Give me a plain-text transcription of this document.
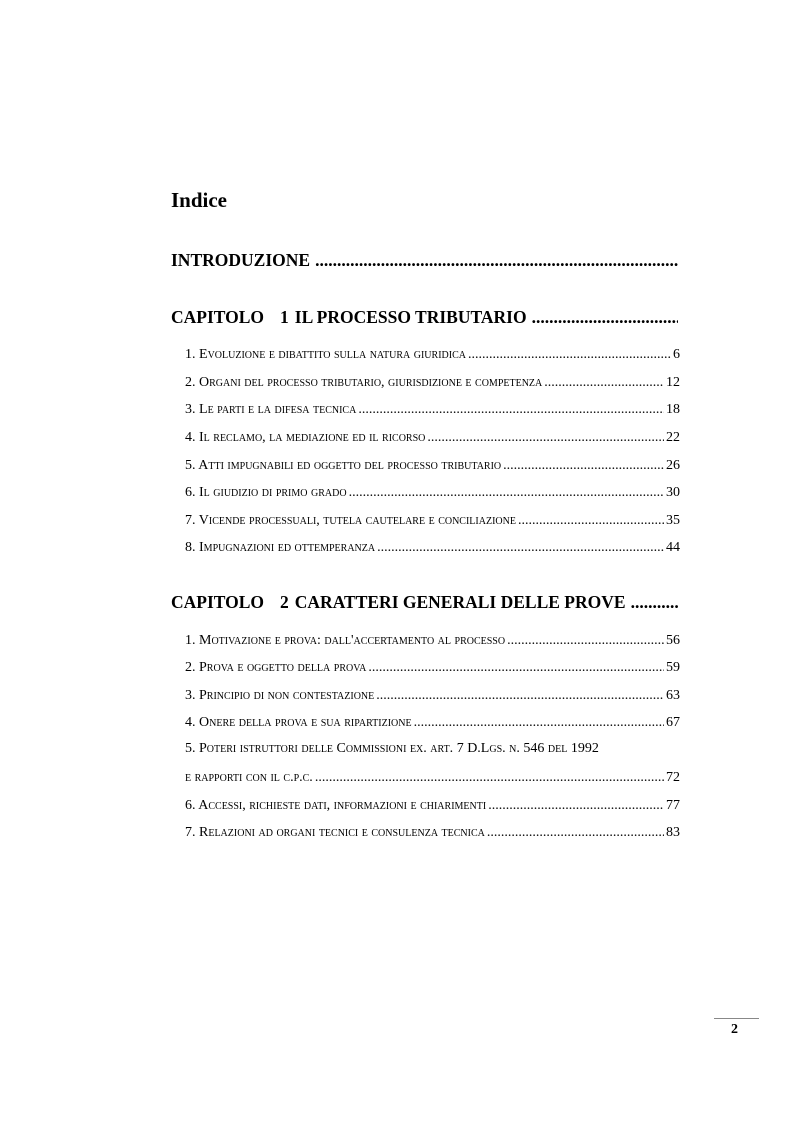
Indice
INTRODUZIONE
.....
CAPITOLO 1 IL PROCESSO TRIBUTARIO
.....
1. Evoluzione e dibattito sulla natura giuridica .....	6
2. Organi del processo tributario, giurisdizione e competenza .....	12
3. Le parti e la difesa tecnica .....	18
4. Il reclamo, la mediazione ed il ricorso .....	22
5. Atti impugnabili ed oggetto del processo tributario .....	26
6. Il giudizio di primo grado .....	30
7. Vicende processuali, tutela cautelare e conciliazione .....	35
8. Impugnazioni ed ottemperanza .....	44
CAPITOLO 2 CARATTERI GENERALI DELLE PROVE
.....
1. Motivazione e prova: dall'accertamento al processo .....	56
2. Prova e oggetto della prova .....	59
3. Principio di non contestazione .....	63
4. Onere della prova e sua ripartizione .....	67
5. Poteri istruttori delle Commissioni ex. art. 7 D.Lgs. n. 546 del 1992
e rapporti con il c.p.c. .....	72
6. Accessi, richieste dati, informazioni e chiarimenti .....	77
7. Relazioni ad organi tecnici e consulenza tecnica .....	83
2
